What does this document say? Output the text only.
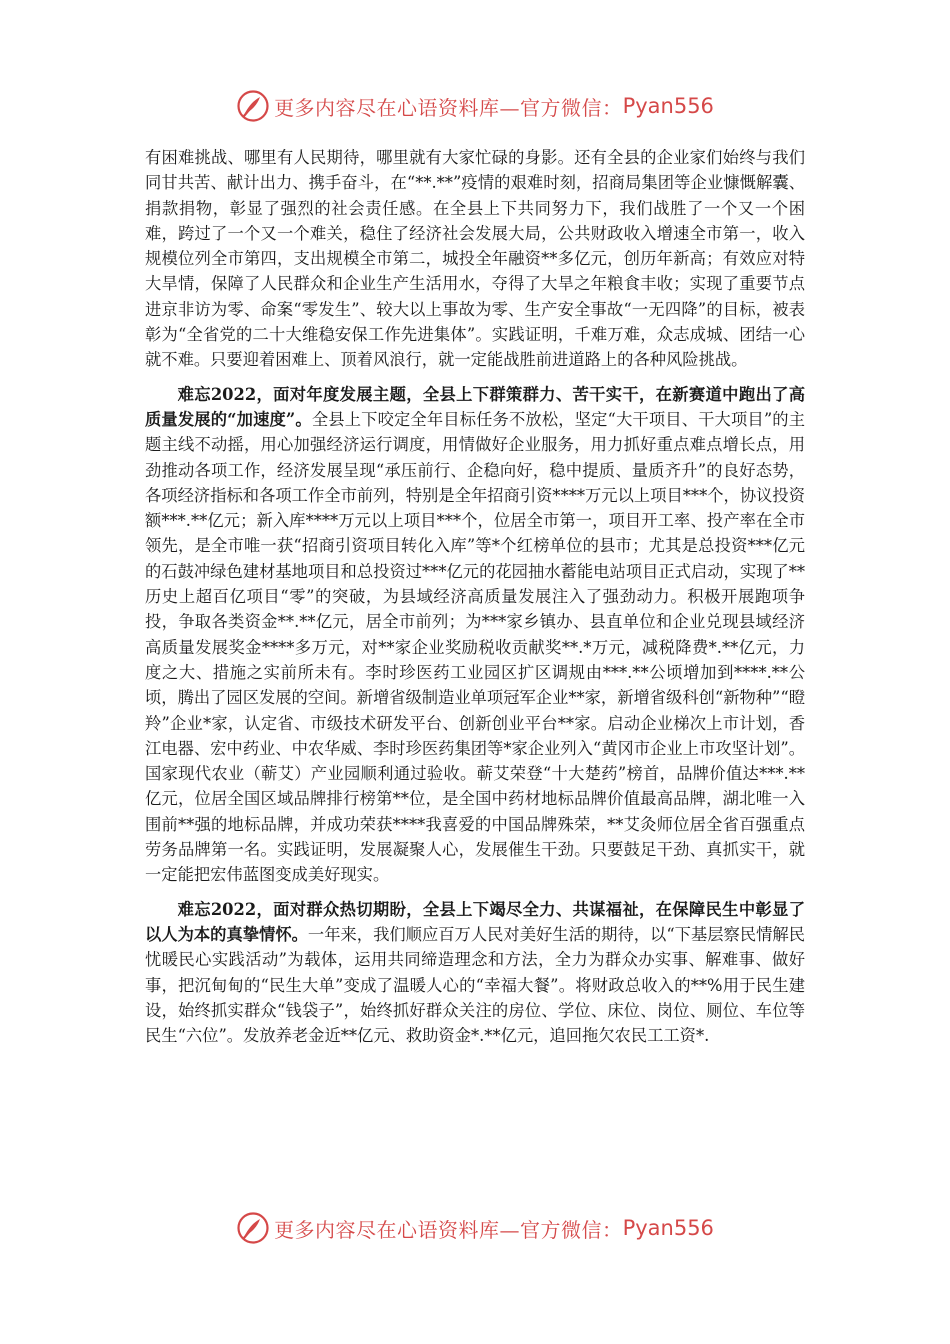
更多内容尽在心语资料库—官方微信： Pyan556

有困难挑战、哪里有人民期待，哪里就有大家忙碌的身影。还有全县的企业家们始终与我们同甘共苦、献计出力、携手奋斗，在“**.**”疫情的艰难时刻，招商局集团等企业慷慨解囊、捐款捐物，彰显了强烈的社会责任感。在全县上下共同努力下，我们战胜了一个又一个困难，跨过了一个又一个难关，稳住了经济社会发展大局，公共财政收入增速全市第一，收入规模位列全市第四，支出规模全市第二，城投全年融资**多亿元，创历年新高；有效应对特大旱情，保障了人民群众和企业生产生活用水，夺得了大旱之年粮食丰收；实现了重要节点进京非访为零、命案“零发生”、较大以上事故为零、生产安全事故“一无四降”的目标，被表彰为“全省党的二十大维稳安保工作先进集体”。实践证明，千难万难，众志成城、团结一心就不难。只要迎着困难上、顶着风浪行，就一定能战胜前进道路上的各种风险挑战。

难忘2022，面对年度发展主题，全县上下群策群力、苦干实干，在新赛道中跑出了高质量发展的“加速度”。全县上下咬定全年目标任务不放松，坚定“大干项目、干大项目”的主题主线不动摇，用心加强经济运行调度，用情做好企业服务，用力抓好重点难点增长点，用劲推动各项工作，经济发展呈现“承压前行、企稳向好，稳中提质、量质齐升”的良好态势，各项经济指标和各项工作全市前列，特别是全年招商引资****万元以上项目***个，协议投资额***.**亿元；新入库****万元以上项目***个，位居全市第一，项目开工率、投产率在全市领先，是全市唯一获“招商引资项目转化入库”等*个红榜单位的县市；尤其是总投资***亿元的石鼓冲绿色建材基地项目和总投资过***亿元的花园抽水蓄能电站项目正式启动，实现了**历史上超百亿项目“零”的突破，为县域经济高质量发展注入了强劲动力。积极开展跑项争投，争取各类资金**.**亿元，居全市前列；为***家乡镇办、县直单位和企业兑现县域经济高质量发展奖金****多万元，对**家企业奖励税收贡献奖**.*万元，减税降费*.**亿元，力度之大、措施之实前所未有。李时珍医药工业园区扩区调规由***.**公顷增加到****.**公顷，腾出了园区发展的空间。新增省级制造业单项冠军企业**家，新增省级科创“新物种”“瞪羚”企业*家，认定省、市级技术研发平台、创新创业平台**家。启动企业梯次上市计划，香江电器、宏中药业、中农华威、李时珍医药集团等*家企业列入“黄冈市企业上市攻坚计划”。国家现代农业（蕲艾）产业园顺利通过验收。蕲艾荣登“十大楚药”榜首，品牌价值达***.**亿元，位居全国区域品牌排行榜第**位，是全国中药材地标品牌价值最高品牌，湖北唯一入围前**强的地标品牌，并成功荣获****我喜爱的中国品牌殊荣，**艾灸师位居全省百强重点劳务品牌第一名。实践证明，发展凝聚人心，发展催生干劲。只要鼓足干劲、真抓实干，就一定能把宏伟蓝图变成美好现实。

难忘2022，面对群众热切期盼，全县上下竭尽全力、共谋福祉，在保障民生中彰显了以人为本的真挚情怀。一年来，我们顺应百万人民对美好生活的期待，以“下基层察民情解民忧暖民心实践活动”为载体，运用共同缔造理念和方法，全力为群众办实事、解难事、做好事，把沉甸甸的“民生大单”变成了温暖人心的“幸福大餐”。将财政总收入的**%用于民生建设，始终抓实群众“钱袋子”，始终抓好群众关注的房位、学位、床位、岗位、厕位、车位等民生“六位”。发放养老金近**亿元、救助资金*.**亿元，追回拖欠农民工工资*.

更多内容尽在心语资料库—官方微信： Pyan556
